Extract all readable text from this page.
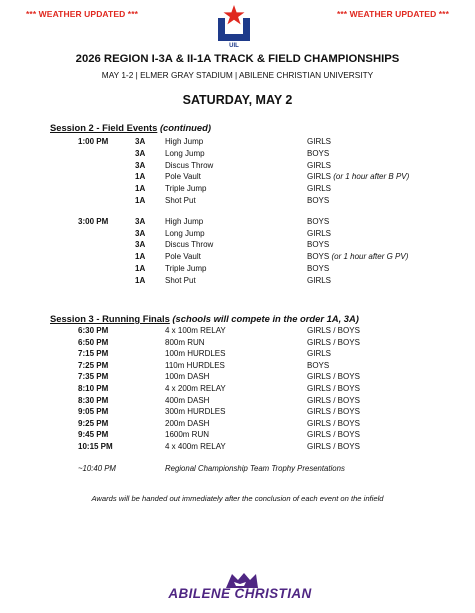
*** WEATHER UPDATED ***	*** WEATHER UPDATED ***
UIL
2026 REGION I-3A & II-1A TRACK & FIELD CHAMPIONSHIPS
MAY 1-2 | ELMER GRAY STADIUM | ABILENE CHRISTIAN UNIVERSITY
SATURDAY, MAY 2
Session 2 - Field Events (continued)
1:00 PM	3A High Jump	GIRLS
3A Long Jump	BOYS
3A Discus Throw	GIRLS
1A Pole Vault	GIRLS (or 1 hour after B PV)
1A Triple Jump	GIRLS
1A Shot Put	BOYS
3:00 PM	3A High Jump	BOYS
3A Long Jump	GIRLS
3A Discus Throw	BOYS
1A Pole Vault	BOYS (or 1 hour after G PV)
1A Triple Jump	BOYS
1A Shot Put	GIRLS
Session 3 - Running Finals (schools will compete in the order 1A, 3A)
6:30 PM	4 x 100m RELAY	GIRLS / BOYS
6:50 PM	800m RUN	GIRLS / BOYS
7:15 PM	100m HURDLES	GIRLS
7:25 PM	110m HURDLES	BOYS
7:35 PM	100m DASH	GIRLS / BOYS
8:10 PM	4 x 200m RELAY	GIRLS / BOYS
8:30 PM	400m DASH	GIRLS / BOYS
9:05 PM	300m HURDLES	GIRLS / BOYS
9:25 PM	200m DASH	GIRLS / BOYS
9:45 PM	1600m RUN	GIRLS / BOYS
10:15 PM	4 x 400m RELAY	GIRLS / BOYS
~10:40 PM	Regional Championship Team Trophy Presentations
Awards will be handed out immediately after the conclusion of each event on the infield
ABILENE CHRISTIAN
